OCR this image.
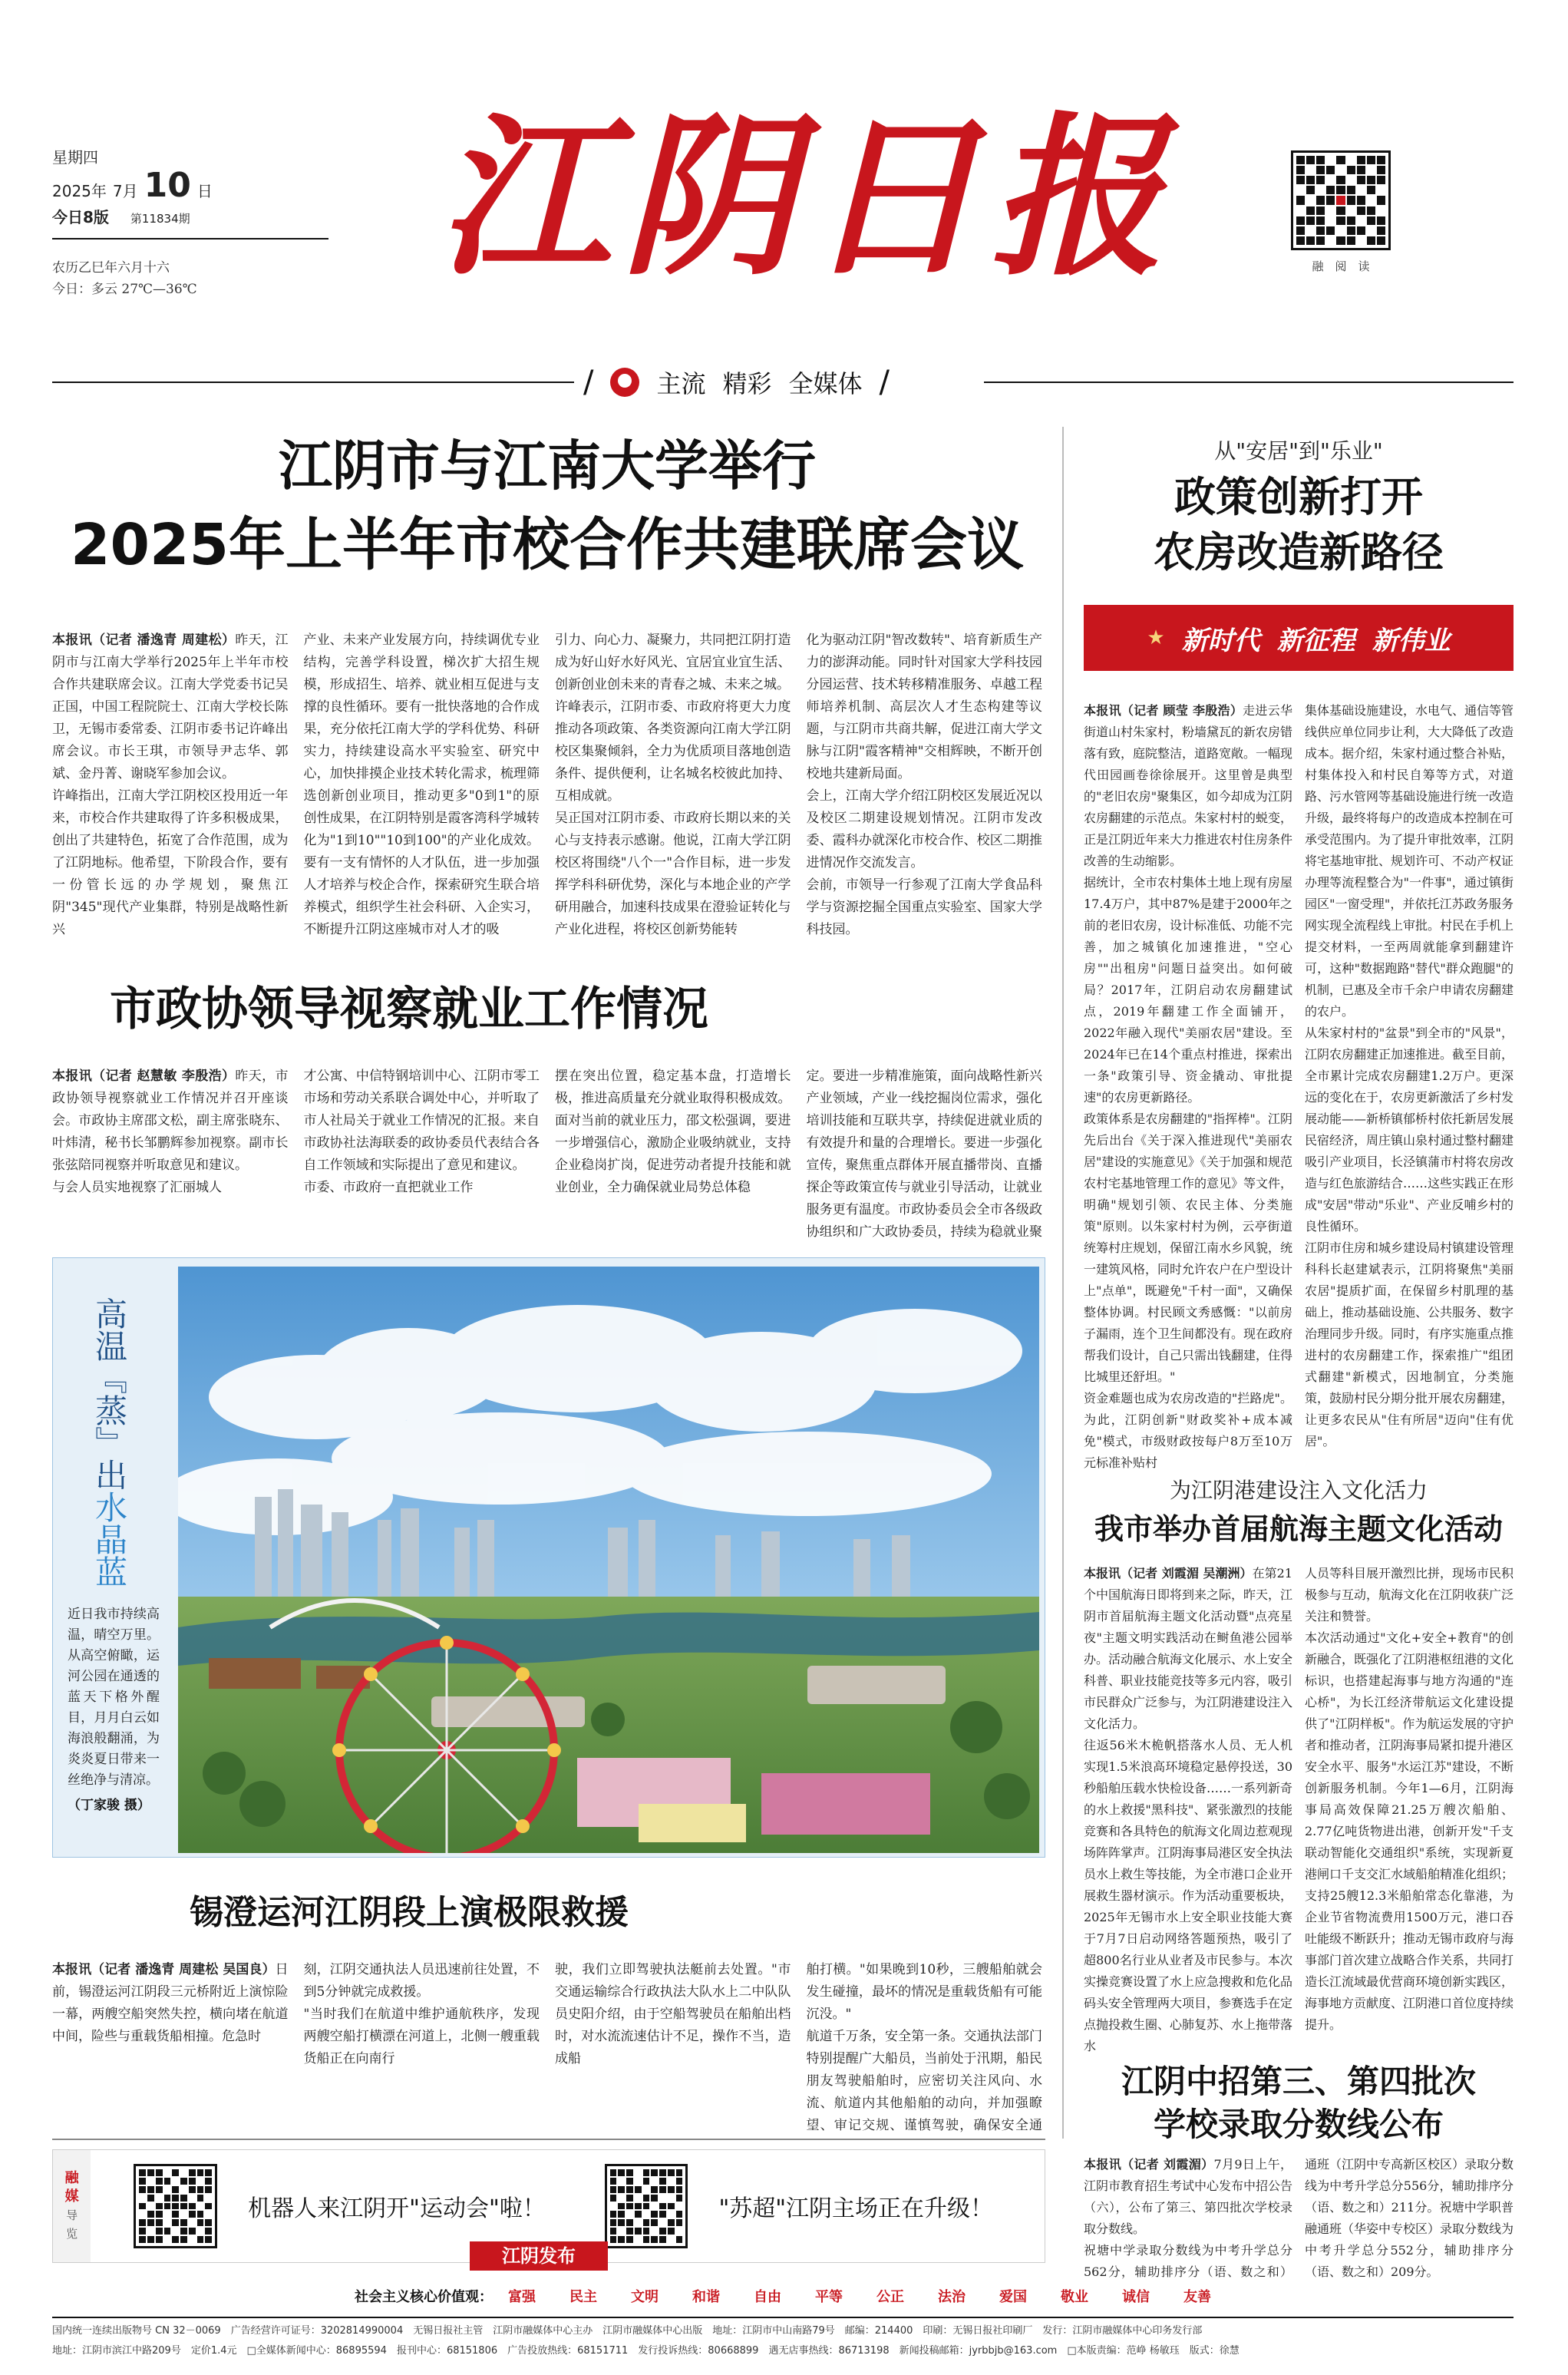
星期四
2025年 7月 10 日
今日8版 第11834期
农历乙巳年六月十六
今日：多云 27℃—36℃ 江阴日报	融　阅　读
/	主流 精彩 全媒体 /
江阴市与江南大学举行
2025年上半年市校合作共建联席会议
本报讯（记者 潘逸青 周建松）昨天，江阴市与江南大学举行2025年上半年市校合作共建联席会议。江南大学党委书记吴正国，中国工程院院士、江南大学校长陈卫，无锡市委常委、江阴市委书记许峰出席会议。市长王琪，市领导尹志华、郭斌、金丹菁、谢晓军参加会议。
许峰指出，江南大学江阴校区投用近一年来，市校合作共建取得了许多积极成果，创出了共建特色，拓宽了合作范围，成为了江阴地标。他希望，下阶段合作，要有一份管长远的办学规划，聚焦江阴"345"现代产业集群，特别是战略性新兴
产业、未来产业发展方向，持续调优专业结构，完善学科设置，梯次扩大招生规模，形成招生、培养、就业相互促进与支撑的良性循环。要有一批快落地的合作成果，充分依托江南大学的学科优势、科研实力，持续建设高水平实验室、研究中心，加快排摸企业技术转化需求，梳理筛选创新创业项目，推动更多"0到1"的原创性成果，在江阴特别是霞客湾科学城转化为"1到10""10到100"的产业化成效。要有一支有情怀的人才队伍，进一步加强人才培养与校企合作，探索研究生联合培养模式，组织学生社会科研、入企实习，不断提升江阴这座城市对人才的吸
引力、向心力、凝聚力，共同把江阴打造成为好山好水好风光、宜居宜业宜生活、创新创业创未来的青春之城、未来之城。
许峰表示，江阴市委、市政府将更大力度推动各项政策、各类资源向江南大学江阴校区集聚倾斜，全力为优质项目落地创造条件、提供便利，让名城名校彼此加持、互相成就。
吴正国对江阴市委、市政府长期以来的关心与支持表示感谢。他说，江南大学江阴校区将围绕"八个一"合作目标，进一步发挥学科科研优势，深化与本地企业的产学研用融合，加速科技成果在澄验证转化与产业化进程，将校区创新势能转
化为驱动江阴"智改数转"、培育新质生产力的澎湃动能。同时针对国家大学科技园分园运营、技术转移精准服务、卓越工程师培养机制、高层次人才生态构建等议题，与江阴市共商共解，促进江南大学文脉与江阴"霞客精神"交相辉映，不断开创校地共建新局面。
会上，江南大学介绍江阴校区发展近况以及校区二期建设规划情况。江阴市发改委、霞科办就深化市校合作、校区二期推进情况作交流发言。
会前，市领导一行参观了江南大学食品科学与资源挖掘全国重点实验室、国家大学科技园。
市政协领导视察就业工作情况
本报讯（记者 赵慧敏 李殷浩）昨天，市政协领导视察就业工作情况并召开座谈会。市政协主席邵文松，副主席张晓东、叶炜清，秘书长邹鹏辉参加视察。副市长张弦陪同视察并听取意见和建议。
与会人员实地视察了汇丽城人
才公寓、中信特钢培训中心、江阴市零工市场和劳动关系联合调处中心，并听取了市人社局关于就业工作情况的汇报。来自市政协社法海联委的政协委员代表结合各自工作领域和实际提出了意见和建议。
市委、市政府一直把就业工作
摆在突出位置，稳定基本盘，打造增长极，推进高质量充分就业取得积极成效。面对当前的就业压力，邵文松强调，要进一步增强信心，激励企业吸纳就业，支持企业稳岗扩岗，促进劳动者提升技能和就业创业，全力确保就业局势总体稳
定。要进一步精准施策，面向战略性新兴产业领域，产业一线挖掘岗位需求，强化培训技能和互联共享，持续促进就业质的有效提升和量的合理增长。要进一步强化宣传，聚焦重点群体开展直播带岗、直播探企等政策宣传与就业引导活动，让就业服务更有温度。市政协委员会全市各级政协组织和广大政协委员，持续为稳就业聚
高温
『蒸』
出
水晶蓝
近日我市持续高温，晴空万里。从高空俯瞰，运河公园在通透的蓝天下格外醒目，月月白云如海浪般翻涌，为炎炎夏日带来一丝绝净与清凉。
（丁家骏 摄）
锡澄运河江阴段上演极限救援
本报讯（记者 潘逸青 周建松 吴国良）日前，锡澄运河江阴段三元桥附近上演惊险一幕，两艘空船突然失控，横向堵在航道中间，险些与重载货船相撞。危急时
刻，江阴交通执法人员迅速前往处置，不到5分钟就完成救援。
"当时我们在航道中维护通航秩序，发现两艘空船打横漂在河道上，北侧一艘重载货船正在向南行
驶，我们立即驾驶执法艇前去处置。"市交通运输综合行政执法大队水上二中队队员史阳介绍，由于空船驾驶员在船舶出档时，对水流流速估计不足，操作不当，造成船
舶打横。"如果晚到10秒，三艘船舶就会发生碰撞，最坏的情况是重载货船有可能沉没。"
航道千万条，安全第一条。交通执法部门特别提醒广大船员，当前处于汛期，船民朋友驾驶船舶时，应密切关注风向、水流、航道内其他船舶的动向，并加强瞭望、审记交规、谨慎驾驶，确保安全通
从"安居"到"乐业"
政策创新打开
农房改造新路径
★ 新时代 新征程 新伟业
本报讯（记者 顾莹 李殷浩）走进云华街道山村朱家村，粉墙黛瓦的新农房错落有致，庭院整洁，道路宽敞。一幅现代田园画卷徐徐展开。这里曾是典型的"老旧农房"聚集区，如今却成为江阴农房翻建的示范点。朱家村村的蜕变，正是江阴近年来大力推进农村住房条件改善的生动缩影。
据统计，全市农村集体土地上现有房屋17.4万户，其中87%是建于2000年之前的老旧农房，设计标准低、功能不完善，加之城镇化加速推进，"空心房""出租房"问题日益突出。如何破局？2017年，江阴启动农房翻建试点，2019年翻建工作全面铺开，2022年融入现代"美丽农居"建设。至2024年已在14个重点村推进，探索出一条"政策引导、资金撬动、审批提速"的农房更新路径。
政策体系是农房翻建的"指挥棒"。江阴先后出台《关于深入推进现代"美丽农居"建设的实施意见》《关于加强和规范农村宅基地管理工作的意见》等文件，明确"规划引领、农民主体、分类施策"原则。以朱家村村为例，云亭街道统筹村庄规划，保留江南水乡风貌，统一建筑风格，同时允许农户在户型设计上"点单"，既避免"千村一面"，又确保整体协调。村民顾文秀感慨："以前房子漏雨，连个卫生间都没有。现在政府帮我们设计，自己只需出钱翻建，住得比城里还舒坦。"
资金难题也成为农房改造的"拦路虎"。为此，江阴创新"财政奖补+成本减免"模式，市级财政按每户8万至10万元标准补贴村
集体基础设施建设，水电气、通信等管线供应单位同步让利，大大降低了改造成本。据介绍，朱家村通过整合补贴，村集体投入和村民自筹等方式，对道路、污水管网等基础设施进行统一改造升级，最终将每户的改造成本控制在可承受范围内。为了提升审批效率，江阴将宅基地审批、规划许可、不动产权证办理等流程整合为"一件事"，通过镇街园区"一窗受理"，并依托江苏政务服务网实现全流程线上审批。村民在手机上提交材料，一至两周就能拿到翻建许可，这种"数据跑路"替代"群众跑腿"的机制，已惠及全市千余户申请农房翻建的农户。
从朱家村村的"盆景"到全市的"风景"，江阴农房翻建正加速推进。截至目前，全市累计完成农房翻建1.2万户。更深远的变化在于，农房更新激活了乡村发展动能——新桥镇郁桥村依托新居发展民宿经济，周庄镇山泉村通过整村翻建吸引产业项目，长泾镇蒲市村将农房改造与红色旅游结合……这些实践正在形成"安居"带动"乐业"、产业反哺乡村的良性循环。
江阴市住房和城乡建设局村镇建设管理科科长赵建斌表示，江阴将聚焦"美丽农居"提质扩面，在保留乡村肌理的基础上，推动基础设施、公共服务、数字治理同步升级。同时，有序实施重点推进村的农房翻建工作，探索推广"组团式翻建"新模式，因地制宜，分类施策，鼓励村民分期分批开展农房翻建，让更多农民从"住有所居"迈向"住有优居"。
为江阴港建设注入文化活力
我市举办首届航海主题文化活动
本报讯（记者 刘霞湄 吴潮洲）在第21个中国航海日即将到来之际，昨天，江阴市首届航海主题文化活动暨"点亮星夜"主题文明实践活动在鲥鱼港公园举办。活动融合航海文化展示、水上安全科普、职业技能竞技等多元内容，吸引市民群众广泛参与，为江阴港建设注入文化活力。
往返56米木桅帆搭落水人员、无人机实现1.5米浪高环境稳定悬停投送，30秒船舶压载水快检设备……一系列新奇的水上救援"黑科技"、紧张激烈的技能竞赛和各具特色的航海文化周边惹观现场阵阵掌声。江阴海事局港区安全执法员水上救生等技能，为全市港口企业开展救生器材演示。作为活动重要板块，2025年无锡市水上安全职业技能大赛于7月7日启动网络答题预热，吸引了超800名行业从业者及市民参与。本次实操竞赛设置了水上应急搜救和危化品码头安全管理两大项目，参赛选手在定点抛投救生圈、心肺复苏、水上拖带落水
人员等科目展开激烈比拼，现场市民积极参与互动，航海文化在江阴收获广泛关注和赞誉。
本次活动通过"文化+安全+教育"的创新融合，既强化了江阴港枢纽港的文化标识，也搭建起海事与地方沟通的"连心桥"，为长江经济带航运文化建设提供了"江阴样板"。作为航运发展的守护者和推动者，江阴海事局紧扣提升港区安全水平、服务"水运江苏"建设，不断创新服务机制。今年1—6月，江阴海事局高效保障21.25万艘次船舶、2.77亿吨货物进出港，创新开发"千支联动智能化交通组织"系统，实现新夏港闸口千支交汇水域船舶精准化组织；支持25艘12.3米船舶常态化靠港，为企业节省物流费用1500万元，港口吞吐能级不断跃升；推动无锡市政府与海事部门首次建立战略合作关系，共同打造长江流域最优营商环境创新实践区，海事地方贡献度、江阴港口首位度持续提升。
江阴中招第三、第四批次
学校录取分数线公布
本报讯（记者 刘霞湄）7月9日上午，江阴市教育招生考试中心发布中招公告（六），公布了第三、第四批次学校录取分数线。
祝塘中学录取分数线为中考升学总分562分，辅助排序分（语、数之和）
通班（江阴中专高新区校区）录取分数线为中考升学总分556分，辅助排序分（语、数之和）211分。祝塘中学职普融通班（华姿中专校区）录取分数线为中考升学总分552分，辅助排序分（语、数之和）209分。
融
媒
导
览
机器人来江阴开"运动会"啦！	"苏超"江阴主场正在升级！
江阴发布
社会主义核心价值观： 富强 民主 文明 和谐 自由 平等 公正 法治 爱国 敬业 诚信 友善
国内统一连续出版物号 CN 32－0069　广告经营许可证号：3202814990004　无锡日报社主管　江阴市融媒体中心主办　江阴市融媒体中心出版　地址：江阴市中山南路79号　邮编：214400　印刷：无锡日报社印刷厂　发行：江阴市融媒体中心印务发行部
地址：江阴市滨江中路209号　定价1.4元　□全媒体新闻中心：86895594　报刊中心：68151806　广告投放热线：68151711　发行投诉热线：80668899　遇无店事热线：86713198　新闻投稿邮箱：jyrbbjb@163.com　□本版责编：范峥 杨敏珏　版式：徐慧
